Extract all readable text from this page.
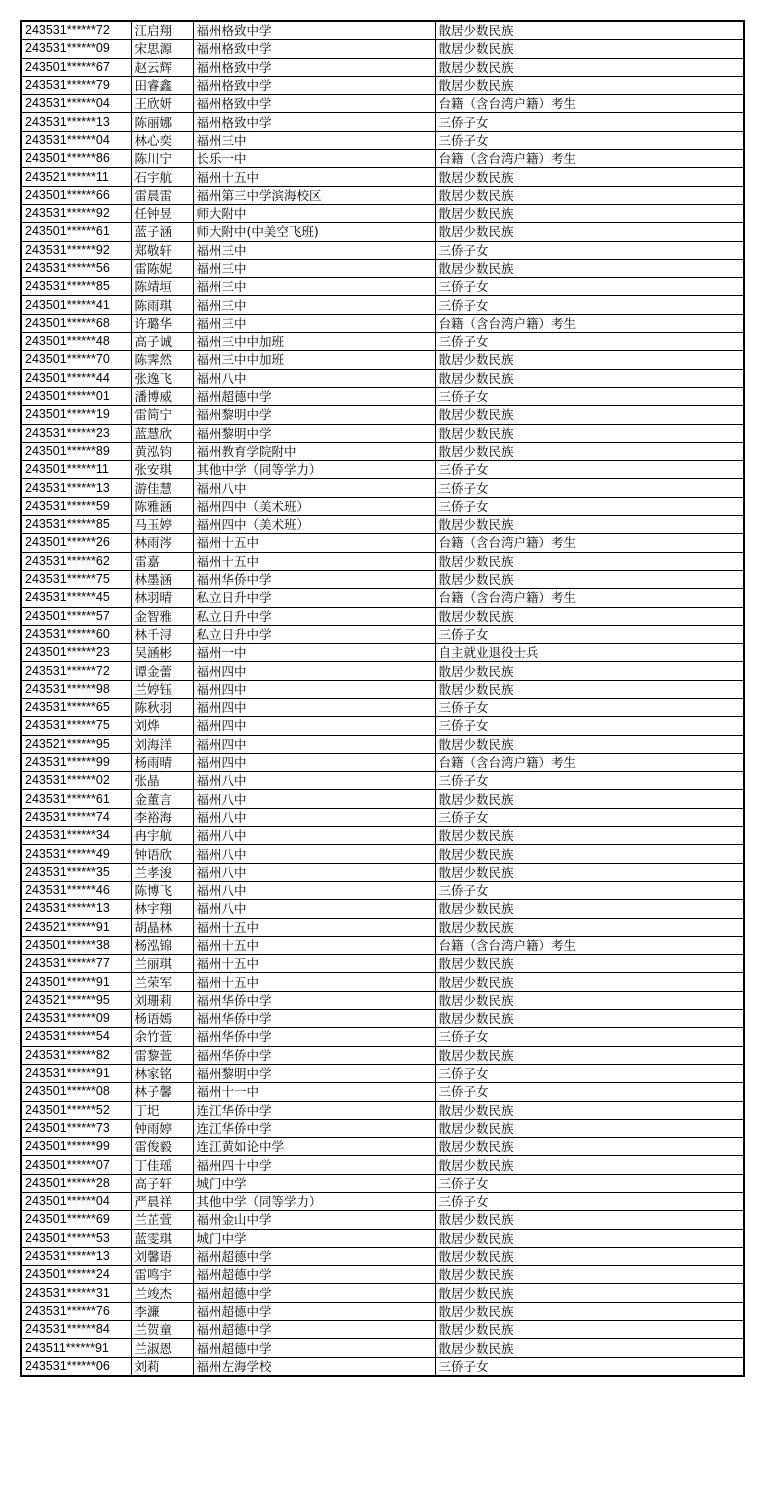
243531******72	江启翔	福州格致中学	散居少数民族
243531******09	宋思源	福州格致中学	散居少数民族
243501******67	赵云辉	福州格致中学	散居少数民族
243531******79	田睿鑫	福州格致中学	散居少数民族
243531******04	王欣妍	福州格致中学	台籍（含台湾户籍）考生
243531******13	陈丽娜	福州格致中学	三侨子女
243531******04	林心奕	福州三中	三侨子女
243501******86	陈川宁	长乐一中	台籍（含台湾户籍）考生
243521******11	石宇航	福州十五中	散居少数民族
243501******66	雷晨雷	福州第三中学滨海校区	散居少数民族
243531******92	任钟昱	师大附中	散居少数民族
243501******61	蓝子涵	师大附中(中美空飞班)	散居少数民族
243531******92	郑敬轩	福州三中	三侨子女
243531******56	雷陈妮	福州三中	散居少数民族
243531******85	陈靖垣	福州三中	三侨子女
243501******41	陈雨琪	福州三中	三侨子女
243501******68	许璐华	福州三中	台籍（含台湾户籍）考生
243501******48	高子诚	福州三中中加班	三侨子女
243501******70	陈霁然	福州三中中加班	散居少数民族
243501******44	张逸飞	福州八中	散居少数民族
243501******01	潘博威	福州超德中学	三侨子女
243501******19	雷简宁	福州黎明中学	散居少数民族
243531******23	蓝慧欣	福州黎明中学	散居少数民族
243501******89	黄泓钧	福州教育学院附中	散居少数民族
243501******11	张安琪	其他中学（同等学力）	三侨子女
243531******13	游佳慧	福州八中	三侨子女
243531******59	陈雅涵	福州四中（美术班）	三侨子女
243531******85	马玉婷	福州四中（美术班）	散居少数民族
243501******26	林雨涔	福州十五中	台籍（含台湾户籍）考生
243531******62	雷嘉	福州十五中	散居少数民族
243531******75	林墨涵	福州华侨中学	散居少数民族
243531******45	林羽晴	私立日升中学	台籍（含台湾户籍）考生
243501******57	金智雅	私立日升中学	散居少数民族
243531******60	林千浔	私立日升中学	三侨子女
243501******23	吴涵彬	福州一中	自主就业退役士兵
243531******72	谭金蕾	福州四中	散居少数民族
243531******98	兰婷钰	福州四中	散居少数民族
243531******65	陈秋羽	福州四中	三侨子女
243531******75	刘烨	福州四中	三侨子女
243521******95	刘海洋	福州四中	散居少数民族
243531******99	杨雨晴	福州四中	台籍（含台湾户籍）考生
243531******02	张晶	福州八中	三侨子女
243531******61	金董言	福州八中	散居少数民族
243531******74	李裕海	福州八中	三侨子女
243531******34	冉宇航	福州八中	散居少数民族
243531******49	钟语欣	福州八中	散居少数民族
243531******35	兰孝浚	福州八中	散居少数民族
243531******46	陈博飞	福州八中	三侨子女
243531******13	林宇翔	福州八中	散居少数民族
243521******91	胡晶林	福州十五中	散居少数民族
243501******38	杨泓锦	福州十五中	台籍（含台湾户籍）考生
243531******77	兰丽琪	福州十五中	散居少数民族
243501******91	兰荣军	福州十五中	散居少数民族
243521******95	刘珊莉	福州华侨中学	散居少数民族
243531******09	杨语嫣	福州华侨中学	散居少数民族
243531******54	余竹萱	福州华侨中学	三侨子女
243531******82	雷黎萱	福州华侨中学	散居少数民族
243531******91	林家铭	福州黎明中学	三侨子女
243501******08	林子馨	福州十一中	三侨子女
243501******52	丁圯	连江华侨中学	散居少数民族
243501******73	钟雨婷	连江华侨中学	散居少数民族
243501******99	雷俊毅	连江黄如论中学	散居少数民族
243501******07	丁佳瑶	福州四十中学	散居少数民族
243501******28	高子轩	城门中学	三侨子女
243501******04	严晨祥	其他中学（同等学力）	三侨子女
243501******69	兰芷萱	福州金山中学	散居少数民族
243501******53	蓝雯琪	城门中学	散居少数民族
243531******13	刘馨语	福州超德中学	散居少数民族
243501******24	雷鸣宇	福州超德中学	散居少数民族
243531******31	兰竣杰	福州超德中学	散居少数民族
243531******76	李濂	福州超德中学	散居少数民族
243531******84	兰贺童	福州超德中学	散居少数民族
243511******91	兰淑恩	福州超德中学	散居少数民族
243531******06	刘莉	福州左海学校	三侨子女
